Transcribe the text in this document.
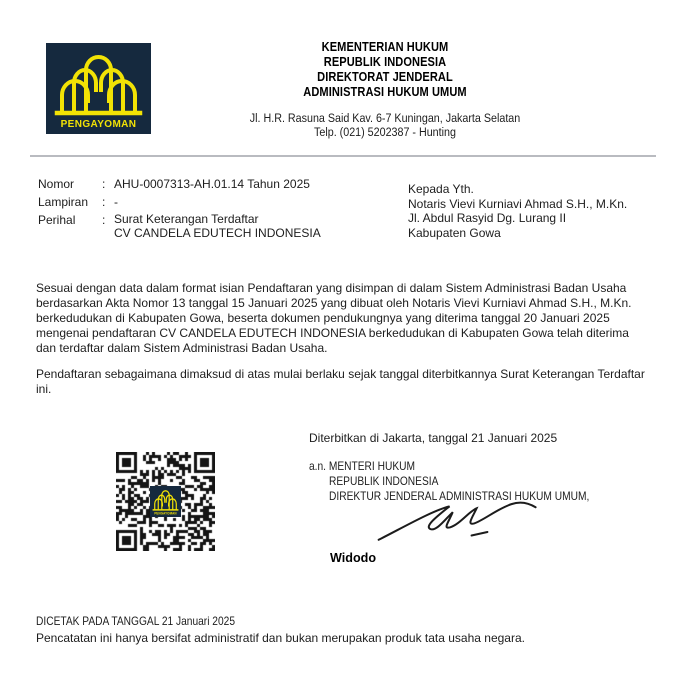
PENGAYOMAN
KEMENTERIAN HUKUM
REPUBLIK INDONESIA
DIREKTORAT JENDERAL
ADMINISTRASI HUKUM UMUM
Jl. H.R. Rasuna Said Kav. 6-7 Kuningan, Jakarta Selatan
Telp. (021) 5202387 - Hunting
Nomor	: AHU-0007313-AH.01.14 Tahun 2025
Lampiran	: -
Perihal	: Surat Keterangan Terdaftar
CV CANDELA EDUTECH INDONESIA
Kepada Yth.
Notaris Vievi Kurniavi Ahmad S.H., M.Kn.
Jl. Abdul Rasyid Dg. Lurang II
Kabupaten Gowa
Sesuai dengan data dalam format isian Pendaftaran yang disimpan di dalam Sistem Administrasi Badan Usaha berdasarkan Akta Nomor 13 tanggal 15 Januari 2025 yang dibuat oleh Notaris Vievi Kurniavi Ahmad S.H., M.Kn. berkedudukan di Kabupaten Gowa, beserta dokumen pendukungnya yang diterima tanggal 20 Januari 2025 mengenai pendaftaran CV CANDELA EDUTECH INDONESIA berkedudukan di Kabupaten Gowa telah diterima dan terdaftar dalam Sistem Administrasi Badan Usaha.
Pendaftaran sebagaimana dimaksud di atas mulai berlaku sejak tanggal diterbitkannya Surat Keterangan Terdaftar ini.
Diterbitkan di Jakarta, tanggal 21 Januari 2025
a.n. MENTERI HUKUM
REPUBLIK INDONESIA
DIREKTUR JENDERAL ADMINISTRASI HUKUM UMUM,
Widodo
PENGAYOMAN
DICETAK PADA TANGGAL 21 Januari 2025
Pencatatan ini hanya bersifat administratif dan bukan merupakan produk tata usaha negara.
